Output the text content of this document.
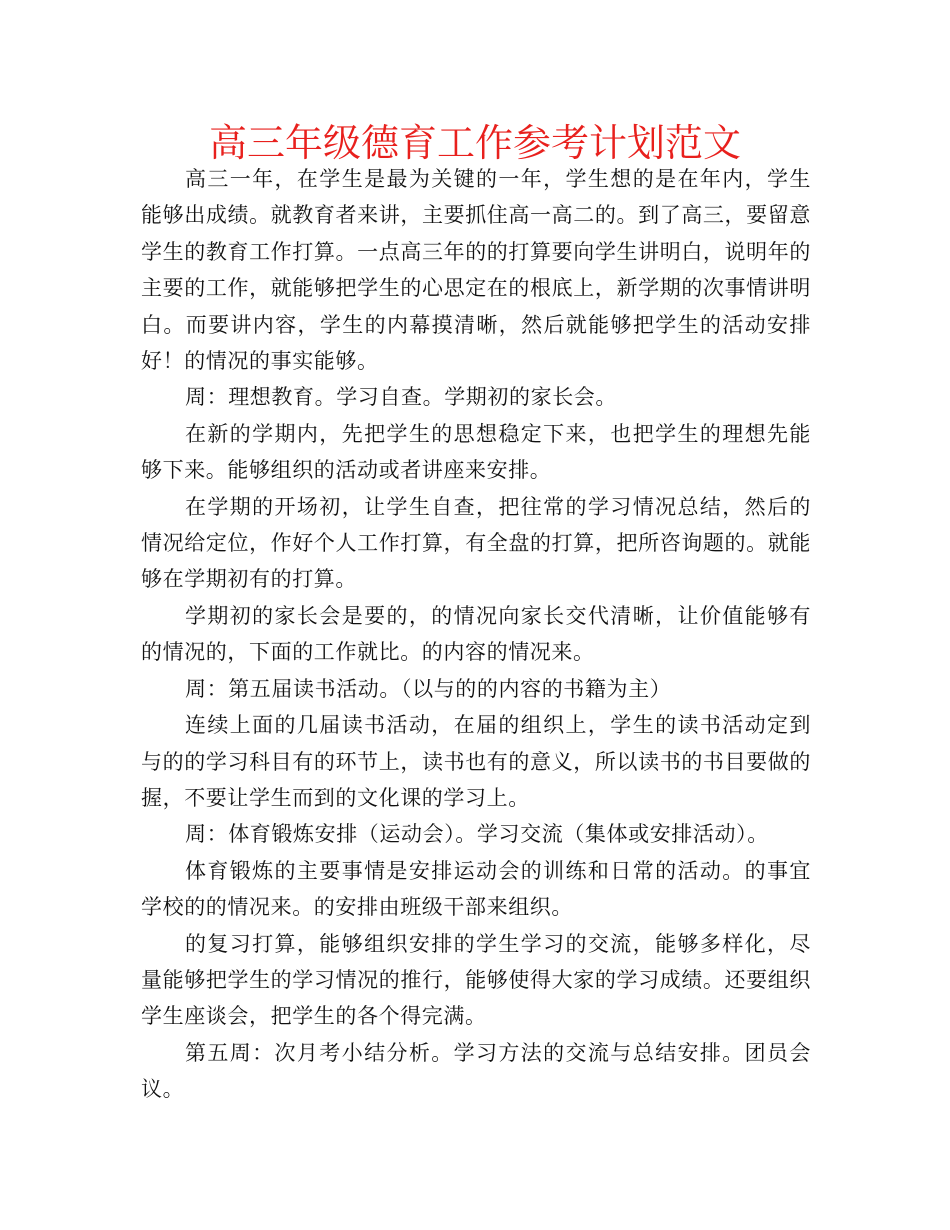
高三年级德育工作参考计划范文

高三一年，在学生是最为关键的一年，学生想的是在年内，学生能够出成绩。就教育者来讲，主要抓住高一高二的。到了高三，要留意学生的教育工作打算。一点高三年的的打算要向学生讲明白，说明年的主要的工作，就能够把学生的心思定在的根底上，新学期的次事情讲明白。而要讲内容，学生的内幕摸清晰，然后就能够把学生的活动安排好！的情况的事实能够。

周：理想教育。学习自查。学期初的家长会。

在新的学期内，先把学生的思想稳定下来，也把学生的理想先能够下来。能够组织的活动或者讲座来安排。

在学期的开场初，让学生自查，把往常的学习情况总结，然后的情况给定位，作好个人工作打算，有全盘的打算，把所咨询题的。就能够在学期初有的打算。

学期初的家长会是要的，的情况向家长交代清晰，让价值能够有的情况的，下面的工作就比。的内容的情况来。

周：第五届读书活动。（以与的的内容的书籍为主）

连续上面的几届读书活动，在届的组织上，学生的读书活动定到与的的学习科目有的环节上，读书也有的意义，所以读书的书目要做的握，不要让学生而到的文化课的学习上。

周：体育锻炼安排（运动会）。学习交流（集体或安排活动）。

体育锻炼的主要事情是安排运动会的训练和日常的活动。的事宜学校的的情况来。的安排由班级干部来组织。

的复习打算，能够组织安排的学生学习的交流，能够多样化，尽量能够把学生的学习情况的推行，能够使得大家的学习成绩。还要组织学生座谈会，把学生的各个得完满。

第五周：次月考小结分析。学习方法的交流与总结安排。团员会议。
